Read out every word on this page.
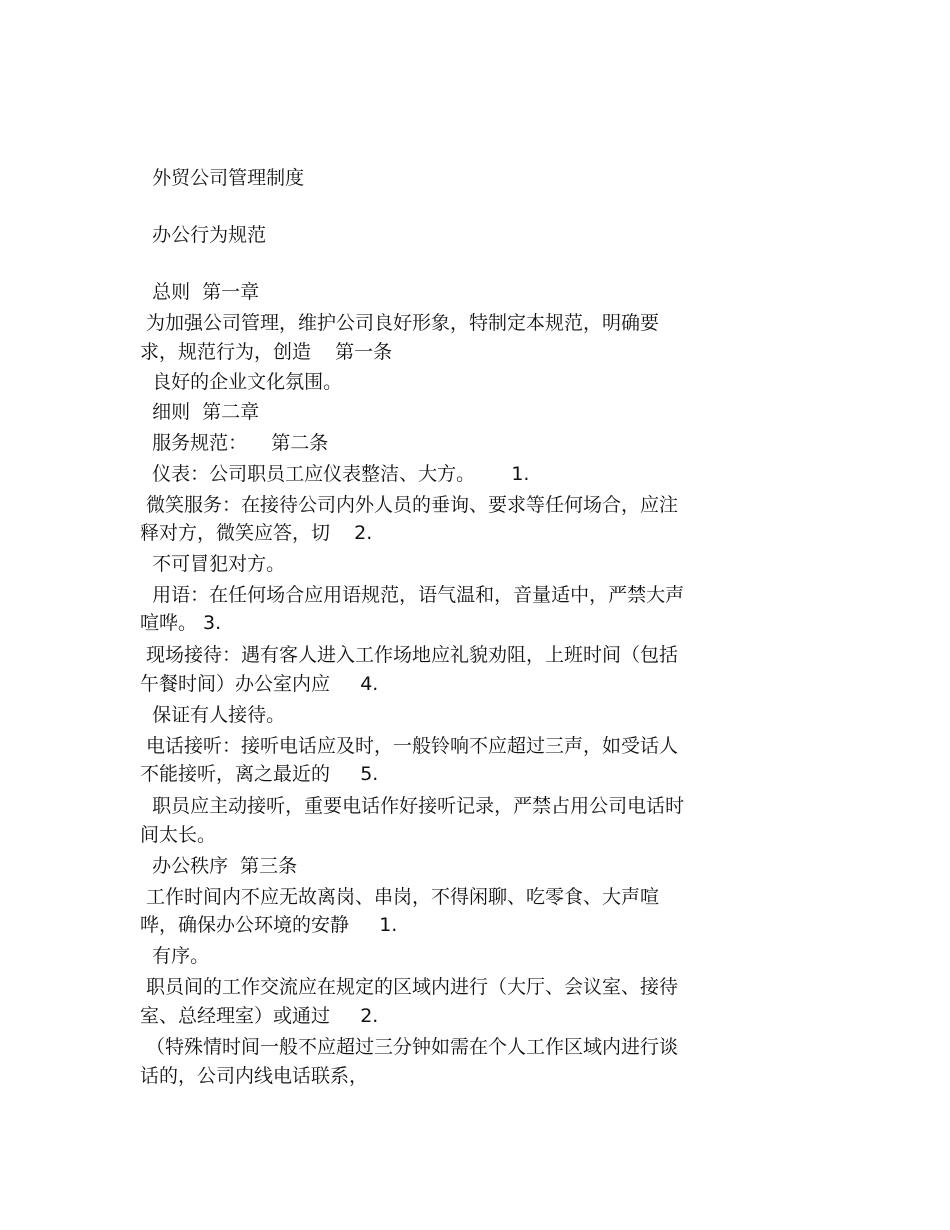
外贸公司管理制度
办公行为规范
总则  第一章
为加强公司管理，维护公司良好形象，特制定本规范，明确要
求，规范行为，创造    第一条
良好的企业文化氛围。
细则  第二章
服务规范：    第二条
仪表：公司职员工应仪表整洁、大方。      1.
微笑服务：在接待公司内外人员的垂询、要求等任何场合，应注
释对方，微笑应答，切    2.
不可冒犯对方。
用语：在任何场合应用语规范，语气温和，音量适中，严禁大声
喧哗。 3.
现场接待：遇有客人进入工作场地应礼貌劝阻，上班时间（包括
午餐时间）办公室内应     4.
保证有人接待。
电话接听：接听电话应及时，一般铃响不应超过三声，如受话人
不能接听，离之最近的     5.
职员应主动接听，重要电话作好接听记录，严禁占用公司电话时
间太长。
办公秩序  第三条
工作时间内不应无故离岗、串岗，不得闲聊、吃零食、大声喧
哗，确保办公环境的安静     1.
有序。
职员间的工作交流应在规定的区域内进行（大厅、会议室、接待
室、总经理室）或通过     2.
（特殊情时间一般不应超过三分钟如需在个人工作区域内进行谈
话的，公司内线电话联系，
